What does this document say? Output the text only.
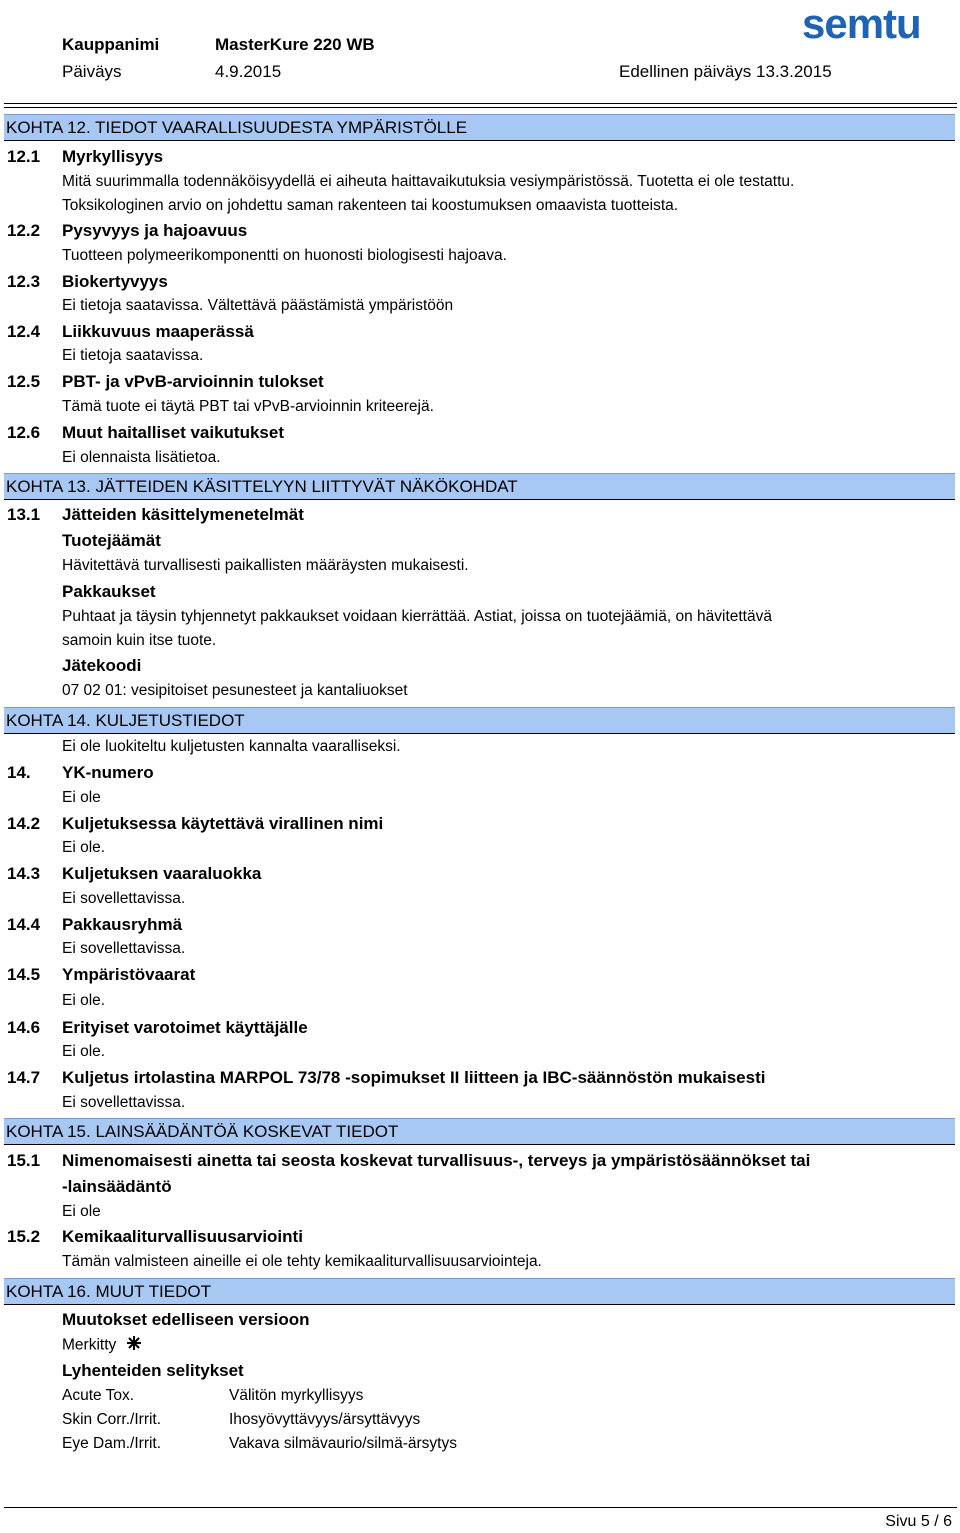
Kauppanimi	MasterKure 220 WB
Päiväys	4.9.2015	Edellinen päiväys 13.3.2015
semtu
KOHTA 12. TIEDOT VAARALLISUUDESTA YMPÄRISTÖLLE
12.1 Myrkyllisyys
Mitä suurimmalla todennäköisyydellä ei aiheuta haittavaikutuksia vesiympäristössä. Tuotetta ei ole testattu.
Toksikologinen arvio on johdettu saman rakenteen tai koostumuksen omaavista tuotteista.
12.2 Pysyvyys ja hajoavuus
Tuotteen polymeerikomponentti on huonosti biologisesti hajoava.
12.3 Biokertyvyys
Ei tietoja saatavissa. Vältettävä päästämistä ympäristöön
12.4 Liikkuvuus maaperässä
Ei tietoja saatavissa.
12.5 PBT- ja vPvB-arvioinnin tulokset
Tämä tuote ei täytä PBT tai vPvB-arvioinnin kriteerejä.
12.6 Muut haitalliset vaikutukset
Ei olennaista lisätietoa.
KOHTA 13. JÄTTEIDEN KÄSITTELYYN LIITTYVÄT NÄKÖKOHDAT
13.1 Jätteiden käsittelymenetelmät
Tuotejäämät
Hävitettävä turvallisesti paikallisten määräysten mukaisesti.
Pakkaukset
Puhtaat ja täysin tyhjennetyt pakkaukset voidaan kierrättää. Astiat, joissa on tuotejäämiä, on hävitettävä
samoin kuin itse tuote.
Jätekoodi
07 02 01: vesipitoiset pesunesteet ja kantaliuokset
KOHTA 14. KULJETUSTIEDOT
Ei ole luokiteltu kuljetusten kannalta vaaralliseksi.
14. YK-numero
Ei ole
14.2 Kuljetuksessa käytettävä virallinen nimi
Ei ole.
14.3 Kuljetuksen vaaraluokka
Ei sovellettavissa.
14.4 Pakkausryhmä
Ei sovellettavissa.
14.5 Ympäristövaarat
Ei ole.
14.6 Erityiset varotoimet käyttäjälle
Ei ole.
14.7 Kuljetus irtolastina MARPOL 73/78 -sopimukset II liitteen ja IBC-säännöstön mukaisesti
Ei sovellettavissa.
KOHTA 15. LAINSÄÄDÄNTÖÄ KOSKEVAT TIEDOT
15.1 Nimenomaisesti ainetta tai seosta koskevat turvallisuus-, terveys ja ympäristösäännökset tai
-lainsäädäntö
Ei ole
15.2 Kemikaaliturvallisuusarviointi
Tämän valmisteen aineille ei ole tehty kemikaaliturvallisuusarviointeja.
KOHTA 16. MUUT TIEDOT
Muutokset edelliseen versioon
Merkitty
Lyhenteiden selitykset
Acute Tox.	Välitön myrkyllisyys
Skin Corr./Irrit.	Ihosyövyttävyys/ärsyttävyys
Eye Dam./Irrit.	Vakava silmävaurio/silmä-ärsytys
Sivu 5 / 6
